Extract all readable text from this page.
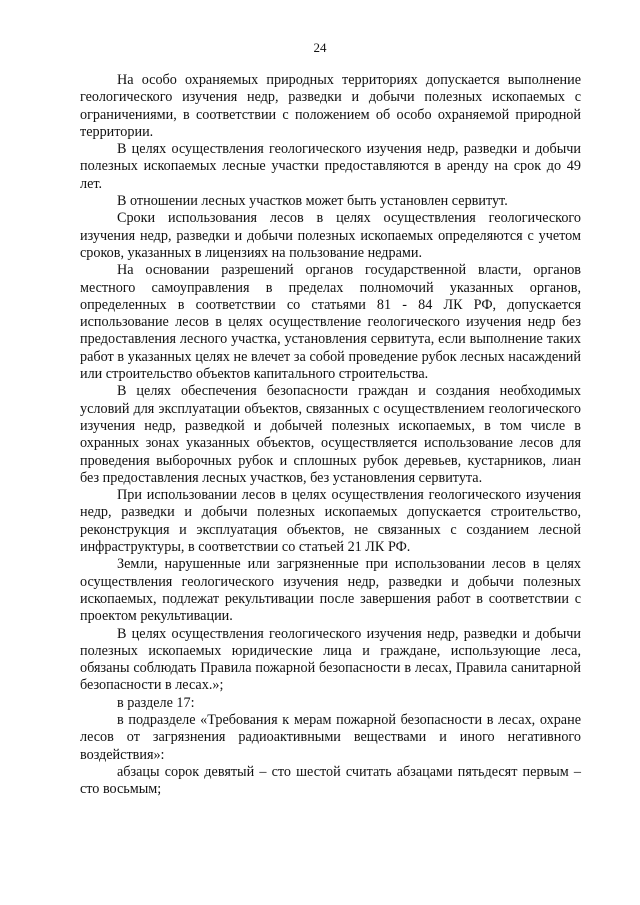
24

На особо охраняемых природных территориях допускается выполнение геологического изучения недр, разведки и добычи полезных ископаемых с ограничениями, в соответствии с положением об особо охраняемой природной территории.

В целях осуществления геологического изучения недр, разведки и добычи полезных ископаемых лесные участки предоставляются в аренду на срок до 49 лет.

В отношении лесных участков может быть установлен сервитут.

Сроки использования лесов в целях осуществления геологического изучения недр, разведки и добычи полезных ископаемых определяются с учетом сроков, указанных в лицензиях на пользование недрами.

На основании разрешений органов государственной власти, органов местного самоуправления в пределах полномочий указанных органов, определенных в соответствии со статьями 81 - 84 ЛК РФ, допускается использование лесов в целях осуществление геологического изучения недр без предоставления лесного участка, установления сервитута, если выполнение таких работ в указанных целях не влечет за собой проведение рубок лесных насаждений или строительство объектов капитального строительства.

В целях обеспечения безопасности граждан и создания необходимых условий для эксплуатации объектов, связанных с осуществлением геологического изучения недр, разведкой и добычей полезных ископаемых, в том числе в охранных зонах указанных объектов, осуществляется использование лесов для проведения выборочных рубок и сплошных рубок деревьев, кустарников, лиан без предоставления лесных участков, без установления сервитута.

При использовании лесов в целях осуществления геологического изучения недр, разведки и добычи полезных ископаемых допускается строительство, реконструкция и эксплуатация объектов, не связанных с созданием лесной инфраструктуры, в соответствии со статьей 21 ЛК РФ.

Земли, нарушенные или загрязненные при использовании лесов в целях осуществления геологического изучения недр, разведки и добычи полезных ископаемых, подлежат рекультивации после завершения работ в соответствии с проектом рекультивации.

В целях осуществления геологического изучения недр, разведки и добычи полезных ископаемых юридические лица и граждане, использующие леса, обязаны соблюдать Правила пожарной безопасности в лесах, Правила санитарной безопасности в лесах.»;

в разделе 17:

в подразделе «Требования к мерам пожарной безопасности в лесах, охране лесов от загрязнения радиоактивными веществами и иного негативного воздействия»:

абзацы сорок девятый – сто шестой считать абзацами пятьдесят первым – сто восьмым;
